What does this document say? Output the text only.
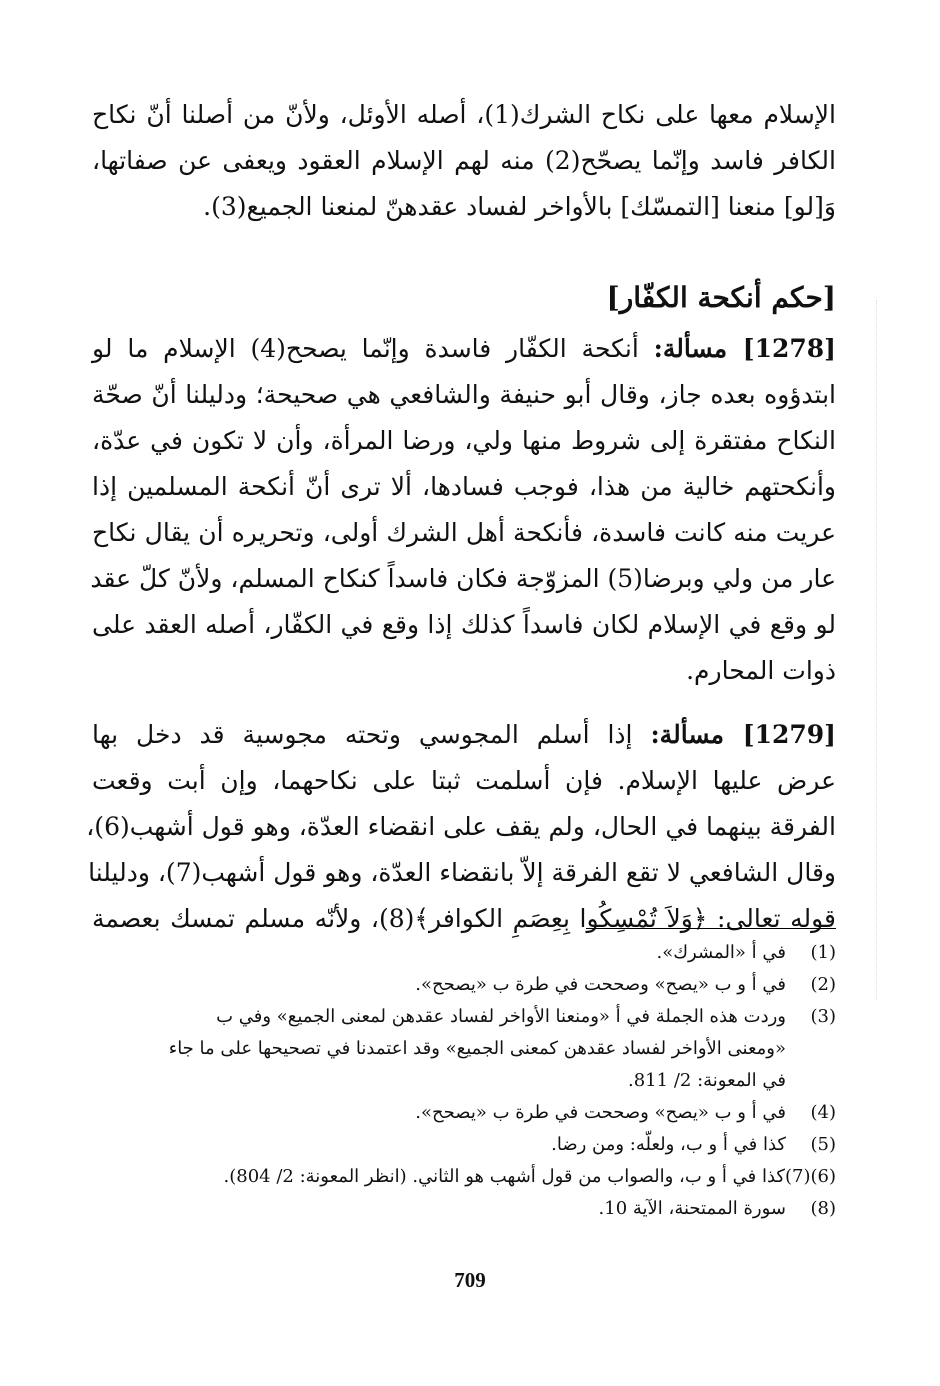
الإسلام معها على نكاح الشرك(1)، أصله الأوئل، ولأنّ من أصلنا أنّ نكاح
الكافر فاسد وإنّما يصحّح(2) منه لهم الإسلام العقود ويعفى عن صفاتها،
وَ[لو] منعنا [التمسّك] بالأواخر لفساد عقدهنّ لمنعنا الجميع(3).
[حكم أنكحة الكفّار]
[1278] مسألة: أنكحة الكفّار فاسدة وإنّما يصحح(4) الإسلام ما لو
ابتدؤوه بعده جاز، وقال أبو حنيفة والشافعي هي صحيحة؛ ودليلنا أنّ صحّة
النكاح مفتقرة إلى شروط منها ولي، ورضا المرأة، وأن لا تكون في عدّة،
وأنكحتهم خالية من هذا، فوجب فسادها، ألا ترى أنّ أنكحة المسلمين إذا
عريت منه كانت فاسدة، فأنكحة أهل الشرك أولى، وتحريره أن يقال نكاح
عار من ولي وبرضا(5) المزوّجة فكان فاسداً كنكاح المسلم، ولأنّ كلّ عقد
لو وقع في الإسلام لكان فاسداً كذلك إذا وقع في الكفّار، أصله العقد على
ذوات المحارم.
[1279] مسألة: إذا أسلم المجوسي وتحته مجوسية قد دخل بها
عرض عليها الإسلام. فإن أسلمت ثبتا على نكاحهما، وإن أبت وقعت
الفرقة بينهما في الحال، ولم يقف على انقضاء العدّة، وهو قول أشهب(6)،
وقال الشافعي لا تقع الفرقة إلاّ بانقضاء العدّة، وهو قول أشهب(7)، ودليلنا
قوله تعالى: ﴿وَلاَ تُمْسِكُوا بِعِصَمِ الكوافر﴾(8)، ولأنّه مسلم تمسك بعصمة
(1)
في أ «المشرك».
(2)
في أ و ب «يصح» وصححت في طرة ب «يصحح».
(3)
وردت هذه الجملة في أ «ومنعنا الأواخر لفساد عقدهن لمعنى الجميع» وفي ب
«ومعنى الأواخر لفساد عقدهن كمعنى الجميع» وقد اعتمدنا في تصحيحها على ما جاء
في المعونة: 2/ 811.
(4)
في أ و ب «يصح» وصححت في طرة ب «يصحح».
(5)
كذا في أ و ب، ولعلّه: ومن رضا.
(6)(7)
كذا في أ و ب، والصواب من قول أشهب هو الثاني. (انظر المعونة: 2/ 804).
(8)
سورة الممتحنة، الآية 10.
709
